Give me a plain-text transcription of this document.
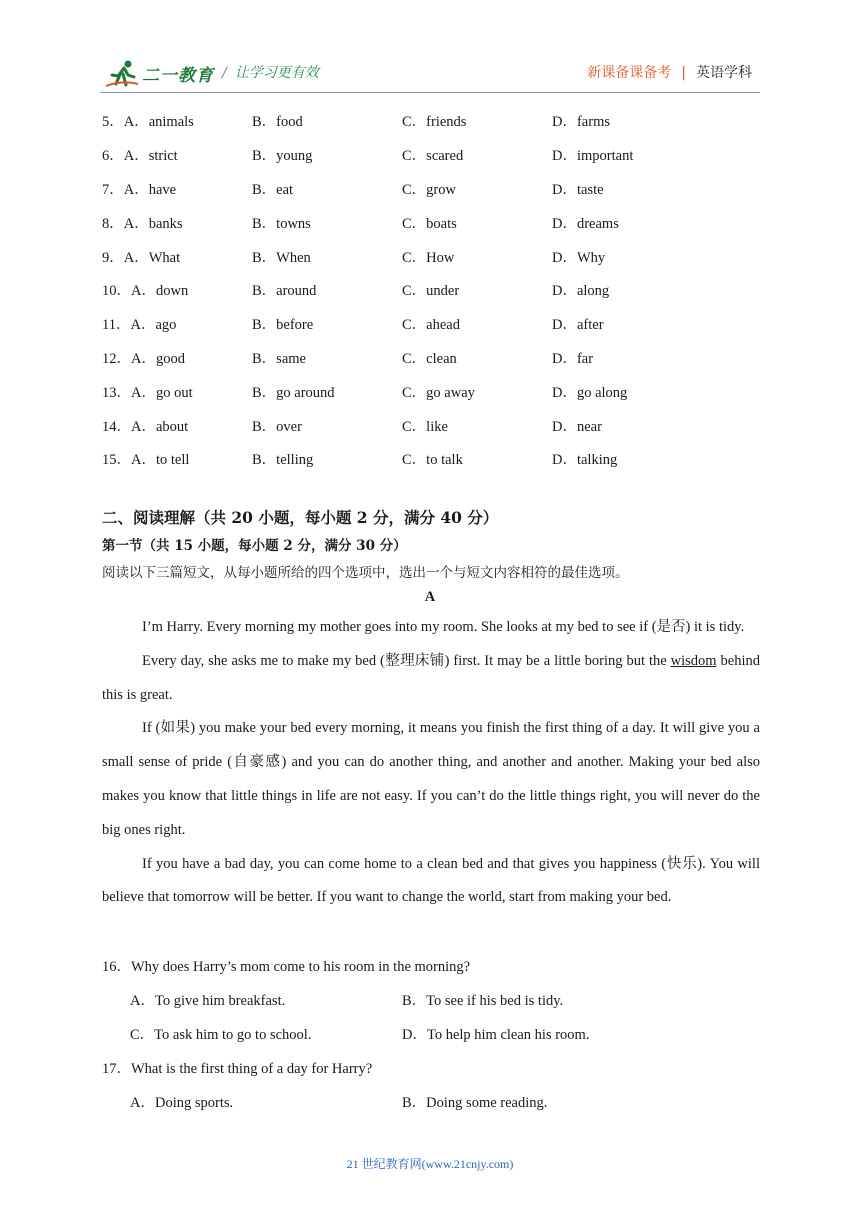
二一教育 / 让学习更有效	新课备课备考 | 英语学科
5．A．animals	B．food	C．friends	D．farms
6．A．strict	B．young	C．scared	D．important
7．A．have	B．eat	C．grow	D．taste
8．A．banks	B．towns	C．boats	D．dreams
9．A．What	B．When	C．How	D．Why
10．A．down	B．around	C．under	D．along
11．A．ago	B．before	C．ahead	D．after
12．A．good	B．same	C．clean	D．far
13．A．go out	B．go around	C．go away	D．go along
14．A．about	B．over	C．like	D．near
15．A．to tell	B．telling	C．to talk	D．talking
二、阅读理解（共 20 小题，每小题 2 分，满分 40 分）
第一节（共 15 小题，每小题 2 分，满分 30 分）
阅读以下三篇短文，从每小题所给的四个选项中，选出一个与短文内容相符的最佳选项。
A

I’m Harry. Every morning my mother goes into my room. She looks at my bed to see if (是否) it is tidy.

Every day, she asks me to make my bed (整理床铺) first. It may be a little boring but the wisdom behind this is great.

If (如果) you make your bed every morning, it means you finish the first thing of a day. It will give you a small sense of pride (自豪感) and you can do another thing, and another and another. Making your bed also makes you know that little things in life are not easy. If you can’t do the little things right, you will never do the big ones right.

If you have a bad day, you can come home to a clean bed and that gives you happiness (快乐). You will believe that tomorrow will be better. If you want to change the world, start from making your bed.

16．Why does Harry’s mom come to his room in the morning?
A．To give him breakfast.	B．To see if his bed is tidy.
C．To ask him to go to school.	D．To help him clean his room.
17．What is the first thing of a day for Harry?
A．Doing sports.	B．Doing some reading.
21 世纪教育网(www.21cnjy.com)
